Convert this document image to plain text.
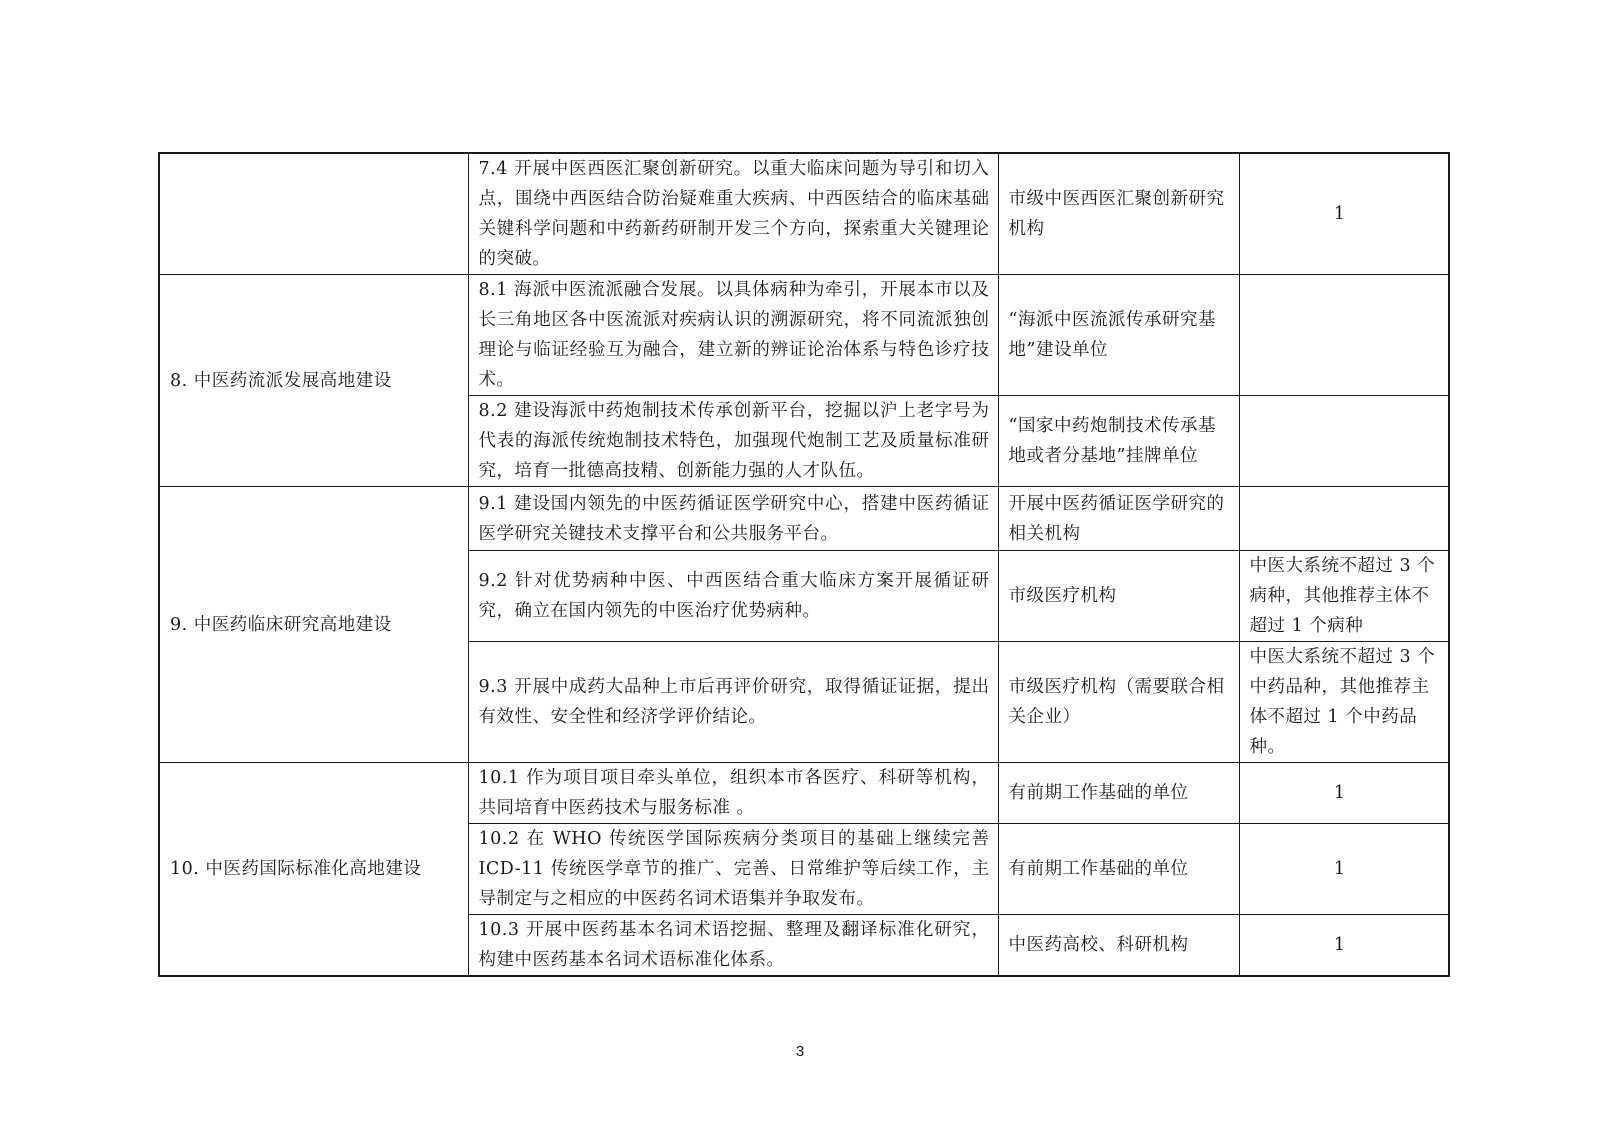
	7.4 开展中医西医汇聚创新研究。以重大临床问题为导引和切入点，围绕中西医结合防治疑难重大疾病、中西医结合的临床基础关键科学问题和中药新药研制开发三个方向，探索重大关键理论的突破。	市级中医西医汇聚创新研究机构	1
8. 中医药流派发展高地建设	8.1 海派中医流派融合发展。以具体病种为牵引，开展本市以及长三角地区各中医流派对疾病认识的溯源研究，将不同流派独创理论与临证经验互为融合，建立新的辨证论治体系与特色诊疗技术。	“海派中医流派传承研究基地”建设单位	
	8.2 建设海派中药炮制技术传承创新平台，挖掘以沪上老字号为代表的海派传统炮制技术特色，加强现代炮制工艺及质量标准研究，培育一批德高技精、创新能力强的人才队伍。	“国家中药炮制技术传承基地或者分基地”挂牌单位	
9. 中医药临床研究高地建设	9.1 建设国内领先的中医药循证医学研究中心，搭建中医药循证医学研究关键技术支撑平台和公共服务平台。	开展中医药循证医学研究的相关机构	
	9.2 针对优势病种中医、中西医结合重大临床方案开展循证研究，确立在国内领先的中医治疗优势病种。	市级医疗机构	中医大系统不超过 3 个病种，其他推荐主体不超过 1 个病种
	9.3 开展中成药大品种上市后再评价研究，取得循证证据，提出有效性、安全性和经济学评价结论。	市级医疗机构（需要联合相关企业）	中医大系统不超过 3 个中药品种，其他推荐主体不超过 1 个中药品种。
10. 中医药国际标准化高地建设	10.1 作为项目项目牵头单位，组织本市各医疗、科研等机构，共同培育中医药技术与服务标准 。	有前期工作基础的单位	1
	10.2 在 WHO 传统医学国际疾病分类项目的基础上继续完善 ICD-11 传统医学章节的推广、完善、日常维护等后续工作，主导制定与之相应的中医药名词术语集并争取发布。	有前期工作基础的单位	1
	10.3 开展中医药基本名词术语挖掘、整理及翻译标准化研究，构建中医药基本名词术语标准化体系。	中医药高校、科研机构	1
3
